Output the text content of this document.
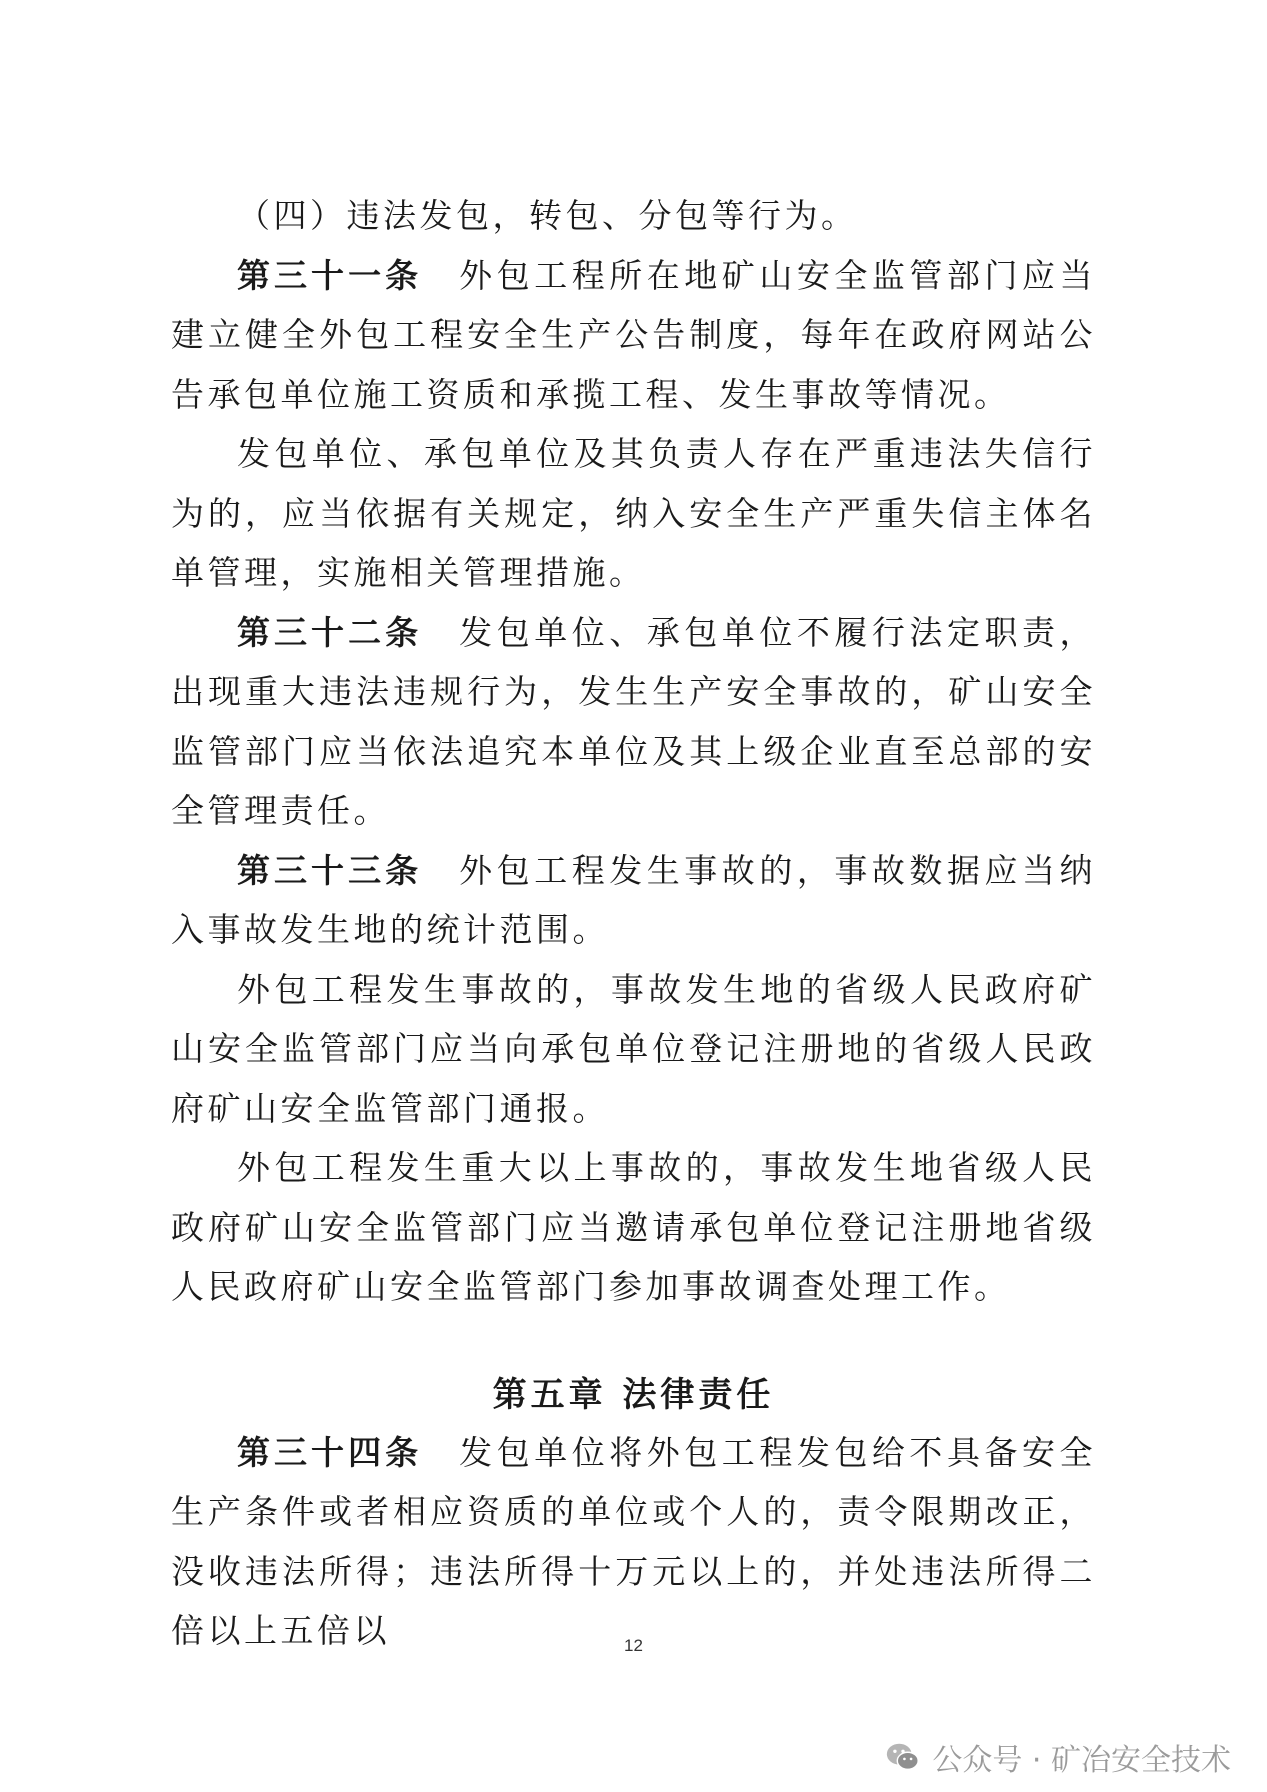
（四）违法发包，转包、分包等行为。

第三十一条 外包工程所在地矿山安全监管部门应当建立健全外包工程安全生产公告制度，每年在政府网站公告承包单位施工资质和承揽工程、发生事故等情况。

发包单位、承包单位及其负责人存在严重违法失信行为的，应当依据有关规定，纳入安全生产严重失信主体名单管理，实施相关管理措施。

第三十二条 发包单位、承包单位不履行法定职责，出现重大违法违规行为，发生生产安全事故的，矿山安全监管部门应当依法追究本单位及其上级企业直至总部的安全管理责任。

第三十三条 外包工程发生事故的，事故数据应当纳入事故发生地的统计范围。

外包工程发生事故的，事故发生地的省级人民政府矿山安全监管部门应当向承包单位登记注册地的省级人民政府矿山安全监管部门通报。

外包工程发生重大以上事故的，事故发生地省级人民政府矿山安全监管部门应当邀请承包单位登记注册地省级人民政府矿山安全监管部门参加事故调查处理工作。

第五章 法律责任

第三十四条 发包单位将外包工程发包给不具备安全生产条件或者相应资质的单位或个人的，责令限期改正，没收违法所得；违法所得十万元以上的，并处违法所得二倍以上五倍以	12
公众号 · 矿冶安全技术
